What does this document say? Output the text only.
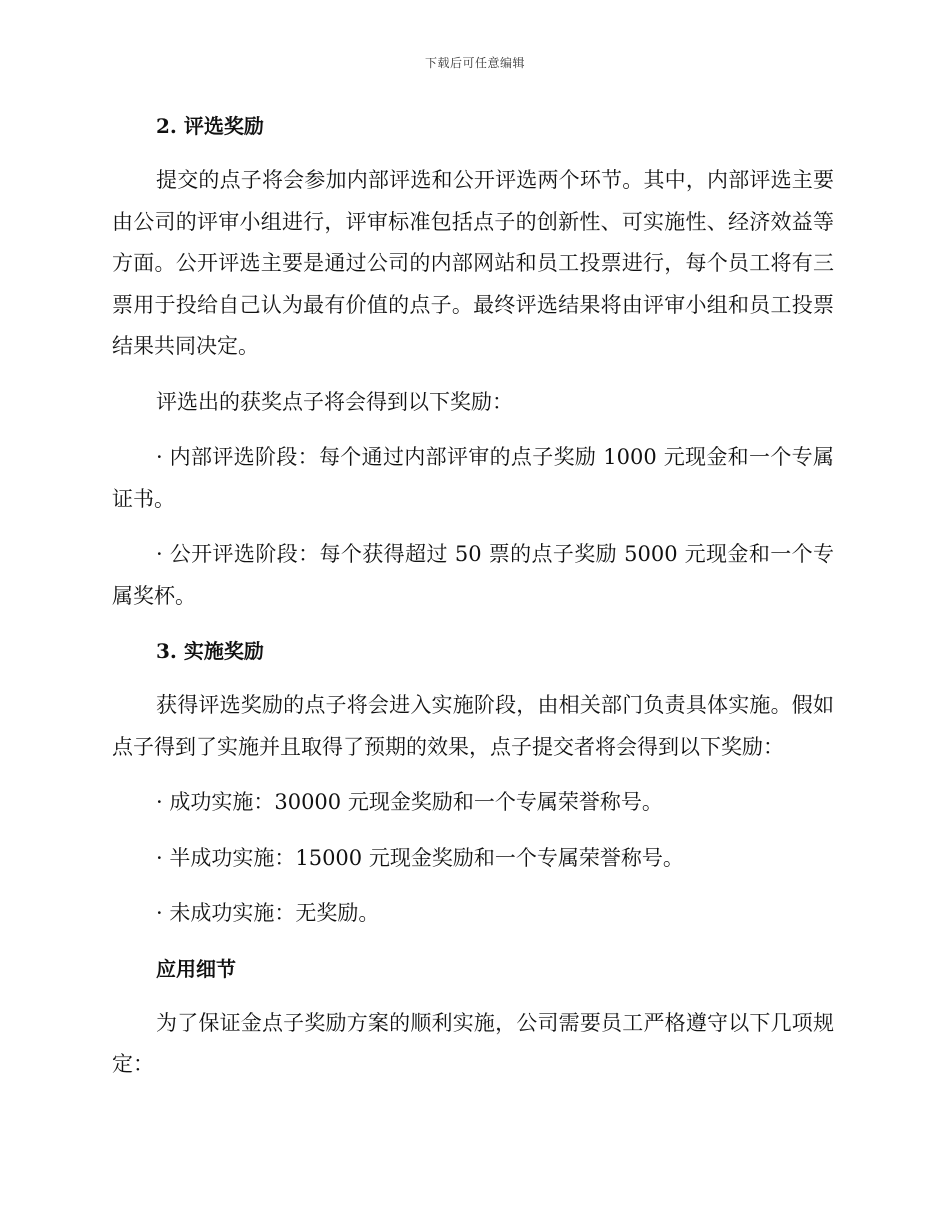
下载后可任意编辑

2. 评选奖励

提交的点子将会参加内部评选和公开评选两个环节。其中，内部评选主要由公司的评审小组进行，评审标准包括点子的创新性、可实施性、经济效益等方面。公开评选主要是通过公司的内部网站和员工投票进行，每个员工将有三票用于投给自己认为最有价值的点子。最终评选结果将由评审小组和员工投票结果共同决定。

评选出的获奖点子将会得到以下奖励：

· 内部评选阶段：每个通过内部评审的点子奖励 1000 元现金和一个专属证书。

· 公开评选阶段：每个获得超过 50 票的点子奖励 5000 元现金和一个专属奖杯。

3. 实施奖励

获得评选奖励的点子将会进入实施阶段，由相关部门负责具体实施。假如点子得到了实施并且取得了预期的效果，点子提交者将会得到以下奖励：

· 成功实施：30000 元现金奖励和一个专属荣誉称号。

· 半成功实施：15000 元现金奖励和一个专属荣誉称号。

· 未成功实施：无奖励。

应用细节

为了保证金点子奖励方案的顺利实施，公司需要员工严格遵守以下几项规定：
